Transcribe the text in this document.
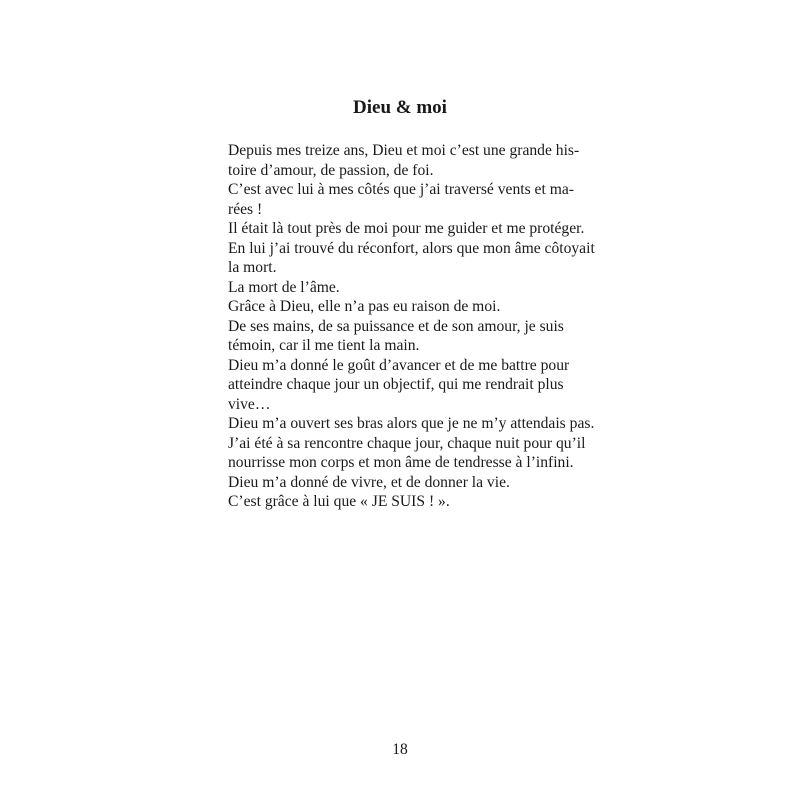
Dieu & moi
Depuis mes treize ans, Dieu et moi c’est une grande his-
toire d’amour, de passion, de foi.
C’est avec lui à mes côtés que j’ai traversé vents et ma-
rées !
Il était là tout près de moi pour me guider et me protéger.
En lui j’ai trouvé du réconfort, alors que mon âme côtoyait
la mort.
La mort de l’âme.
Grâce à Dieu, elle n’a pas eu raison de moi.
De ses mains, de sa puissance et de son amour, je suis
témoin, car il me tient la main.
Dieu m’a donné le goût d’avancer et de me battre pour
atteindre chaque jour un objectif, qui me rendrait plus
vive…
Dieu m’a ouvert ses bras alors que je ne m’y attendais pas.
J’ai été à sa rencontre chaque jour, chaque nuit pour qu’il
nourrisse mon corps et mon âme de tendresse à l’infini.
Dieu m’a donné de vivre, et de donner la vie.
C’est grâce à lui que « JE SUIS ! ».
18
